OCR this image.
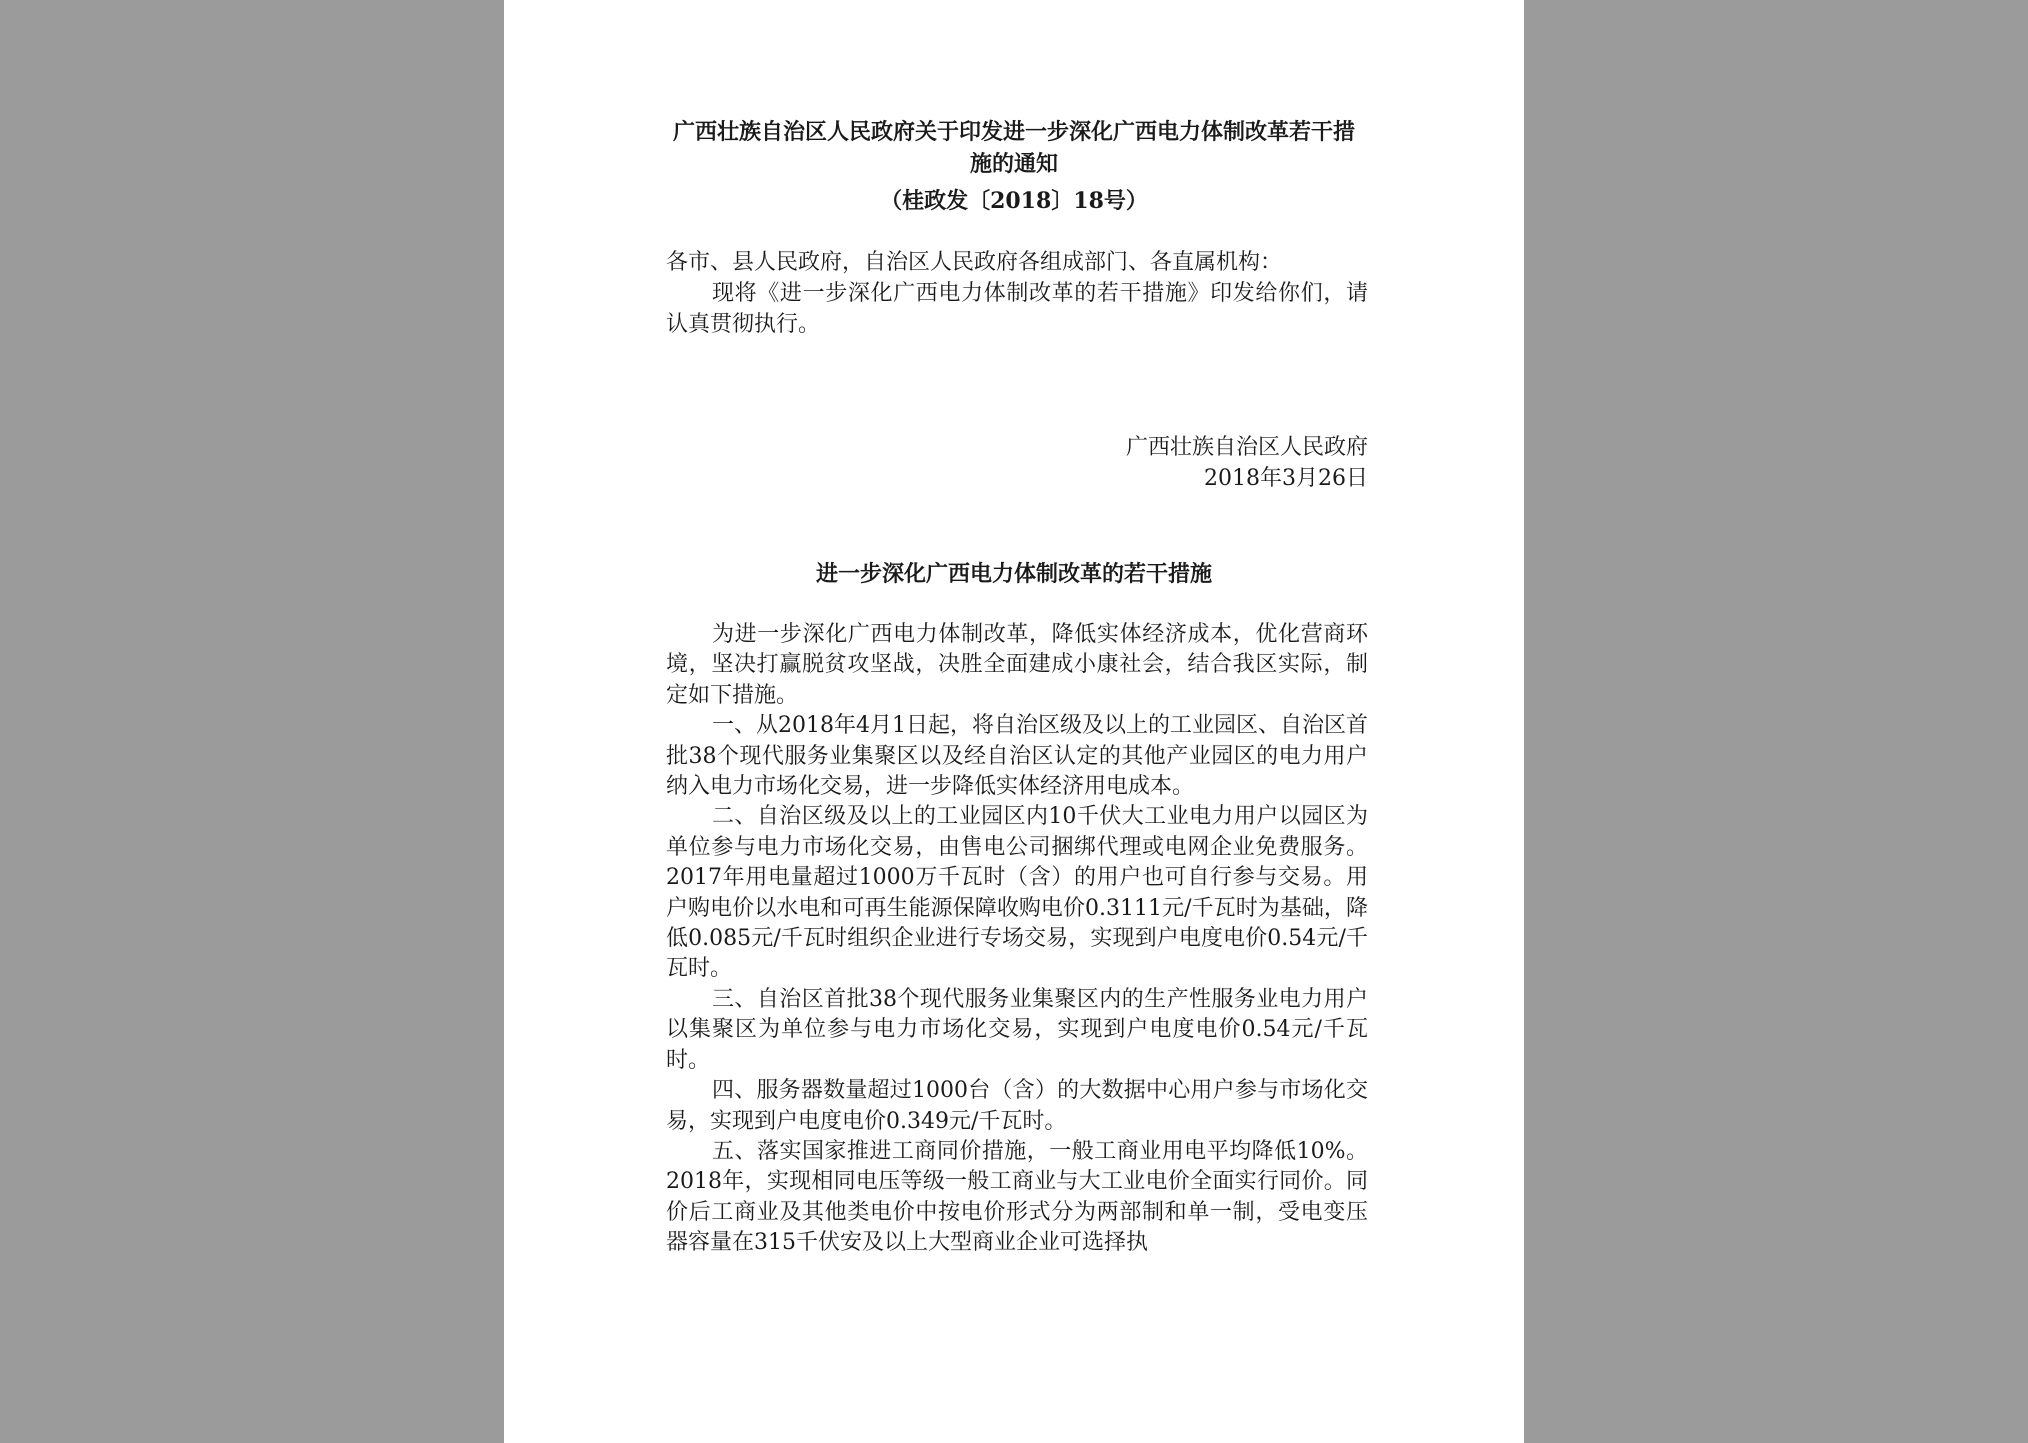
广西壮族自治区人民政府关于印发进一步深化广西电力体制改革若干措施的通知

（桂政发〔2018〕18号）

各市、县人民政府，自治区人民政府各组成部门、各直属机构：

现将《进一步深化广西电力体制改革的若干措施》印发给你们，请认真贯彻执行。

广西壮族自治区人民政府
2018年3月26日

进一步深化广西电力体制改革的若干措施

为进一步深化广西电力体制改革，降低实体经济成本，优化营商环境，坚决打赢脱贫攻坚战，决胜全面建成小康社会，结合我区实际，制定如下措施。

一、从2018年4月1日起，将自治区级及以上的工业园区、自治区首批38个现代服务业集聚区以及经自治区认定的其他产业园区的电力用户纳入电力市场化交易，进一步降低实体经济用电成本。

二、自治区级及以上的工业园区内10千伏大工业电力用户以园区为单位参与电力市场化交易，由售电公司捆绑代理或电网企业免费服务。2017年用电量超过1000万千瓦时（含）的用户也可自行参与交易。用户购电价以水电和可再生能源保障收购电价0.3111元/千瓦时为基础，降低0.085元/千瓦时组织企业进行专场交易，实现到户电度电价0.54元/千瓦时。

三、自治区首批38个现代服务业集聚区内的生产性服务业电力用户以集聚区为单位参与电力市场化交易，实现到户电度电价0.54元/千瓦时。

四、服务器数量超过1000台（含）的大数据中心用户参与市场化交易，实现到户电度电价0.349元/千瓦时。

五、落实国家推进工商同价措施，一般工商业用电平均降低10%。2018年，实现相同电压等级一般工商业与大工业电价全面实行同价。同价后工商业及其他类电价中按电价形式分为两部制和单一制，受电变压器容量在315千伏安及以上大型商业企业可选择执
